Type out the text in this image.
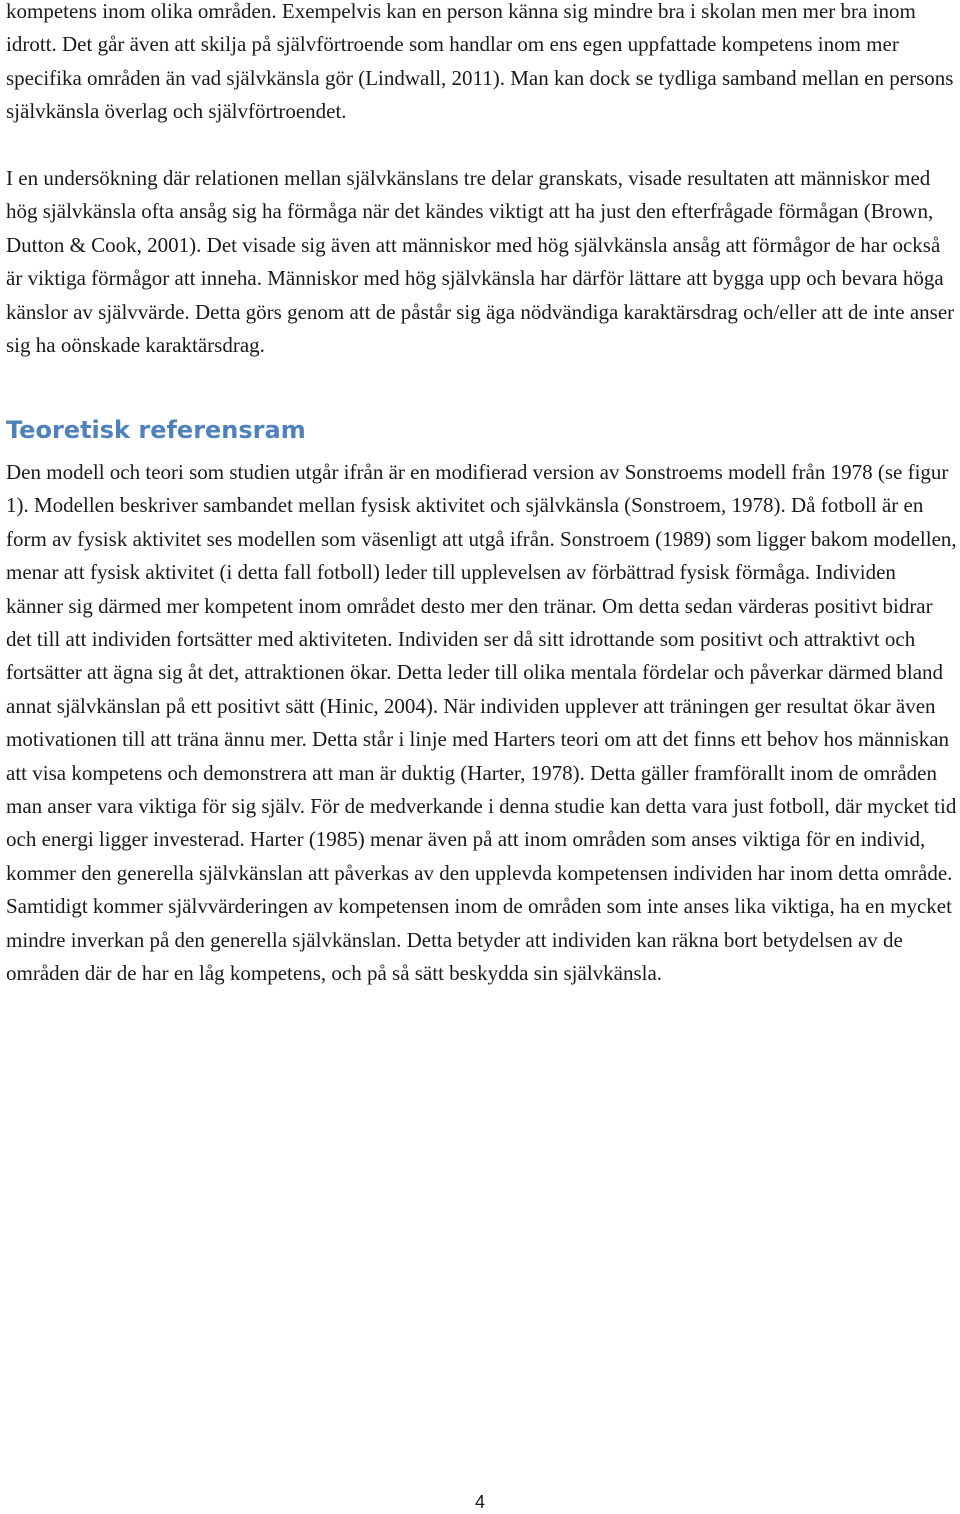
kompetens inom olika områden. Exempelvis kan en person känna sig mindre bra i skolan men mer bra inom idrott. Det går även att skilja på självförtroende som handlar om ens egen uppfattade kompetens inom mer specifika områden än vad självkänsla gör (Lindwall, 2011). Man kan dock se tydliga samband mellan en persons självkänsla överlag och självförtroendet.

I en undersökning där relationen mellan självkänslans tre delar granskats, visade resultaten att människor med hög självkänsla ofta ansåg sig ha förmåga när det kändes viktigt att ha just den efterfrågade förmågan (Brown, Dutton & Cook, 2001). Det visade sig även att människor med hög självkänsla ansåg att förmågor de har också är viktiga förmågor att inneha. Människor med hög självkänsla har därför lättare att bygga upp och bevara höga känslor av självvärde. Detta görs genom att de påstår sig äga nödvändiga karaktärsdrag och/eller att de inte anser sig ha oönskade karaktärsdrag.

Teoretisk referensram

Den modell och teori som studien utgår ifrån är en modifierad version av Sonstroems modell från 1978 (se figur 1). Modellen beskriver sambandet mellan fysisk aktivitet och självkänsla (Sonstroem, 1978). Då fotboll är en form av fysisk aktivitet ses modellen som väsenligt att utgå ifrån. Sonstroem (1989) som ligger bakom modellen, menar att fysisk aktivitet (i detta fall fotboll) leder till upplevelsen av förbättrad fysisk förmåga. Individen känner sig därmed mer kompetent inom området desto mer den tränar. Om detta sedan värderas positivt bidrar det till att individen fortsätter med aktiviteten. Individen ser då sitt idrottande som positivt och attraktivt och fortsätter att ägna sig åt det, attraktionen ökar. Detta leder till olika mentala fördelar och påverkar därmed bland annat självkänslan på ett positivt sätt (Hinic, 2004). När individen upplever att träningen ger resultat ökar även motivationen till att träna ännu mer. Detta står i linje med Harters teori om att det finns ett behov hos människan att visa kompetens och demonstrera att man är duktig (Harter, 1978). Detta gäller framförallt inom de områden man anser vara viktiga för sig själv. För de medverkande i denna studie kan detta vara just fotboll, där mycket tid och energi ligger investerad. Harter (1985) menar även på att inom områden som anses viktiga för en individ, kommer den generella självkänslan att påverkas av den upplevda kompetensen individen har inom detta område. Samtidigt kommer självvärderingen av kompetensen inom de områden som inte anses lika viktiga, ha en mycket mindre inverkan på den generella självkänslan. Detta betyder att individen kan räkna bort betydelsen av de områden där de har en låg kompetens, och på så sätt beskydda sin självkänsla.

4
